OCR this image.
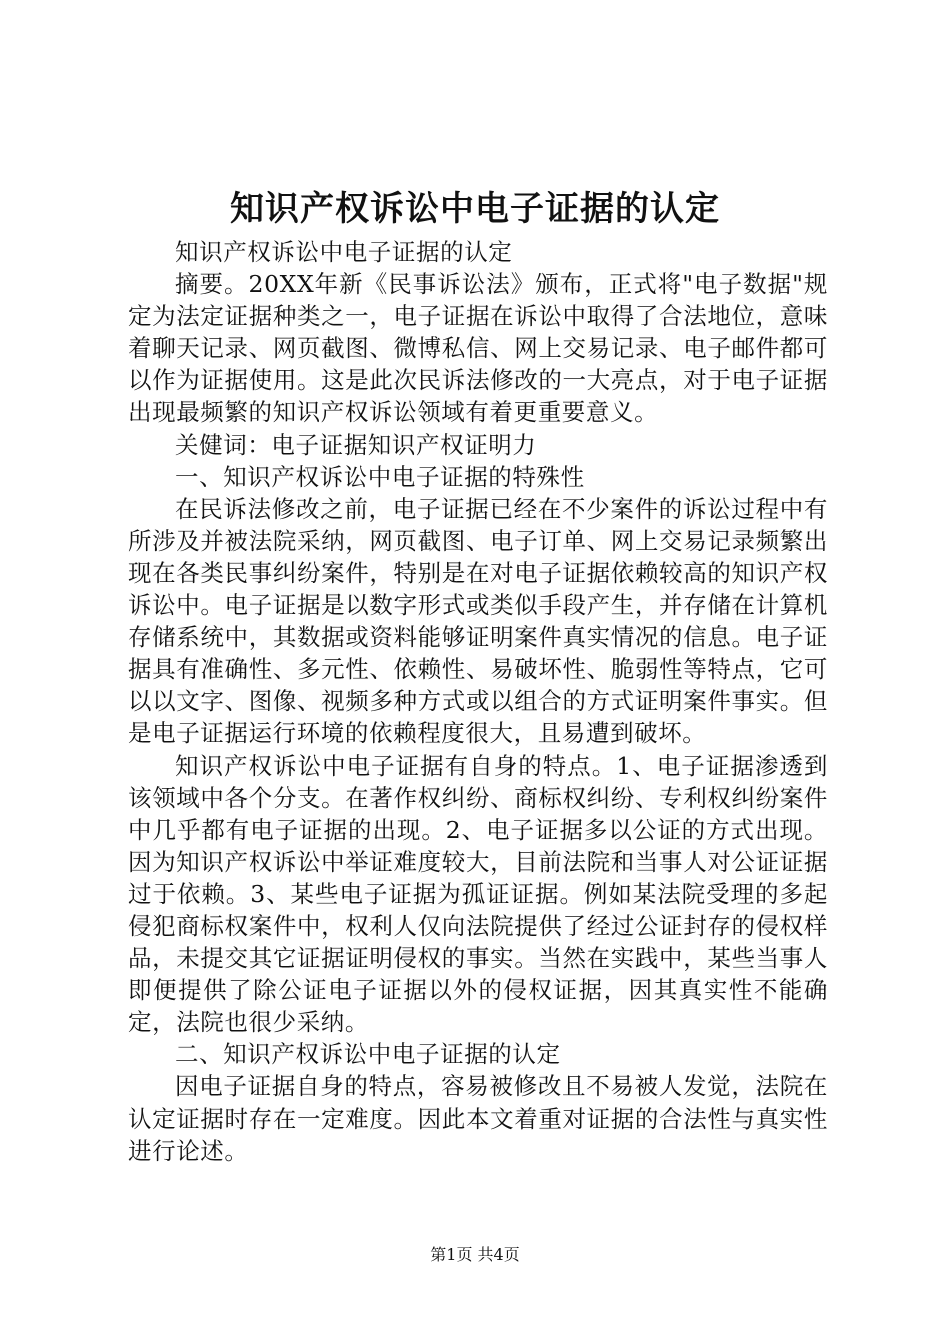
知识产权诉讼中电子证据的认定

知识产权诉讼中电子证据的认定

摘要。20XX年新《民事诉讼法》颁布，正式将"电子数据"规定为法定证据种类之一，电子证据在诉讼中取得了合法地位，意味着聊天记录、网页截图、微博私信、网上交易记录、电子邮件都可以作为证据使用。这是此次民诉法修改的一大亮点，对于电子证据出现最频繁的知识产权诉讼领域有着更重要意义。

关健词：电子证据知识产权证明力

一、知识产权诉讼中电子证据的特殊性

在民诉法修改之前，电子证据已经在不少案件的诉讼过程中有所涉及并被法院采纳，网页截图、电子订单、网上交易记录频繁出现在各类民事纠纷案件，特别是在对电子证据依赖较高的知识产权诉讼中。电子证据是以数字形式或类似手段产生，并存储在计算机存储系统中，其数据或资料能够证明案件真实情况的信息。电子证据具有准确性、多元性、依赖性、易破坏性、脆弱性等特点，它可以以文字、图像、视频多种方式或以组合的方式证明案件事实。但是电子证据运行环境的依赖程度很大，且易遭到破坏。

知识产权诉讼中电子证据有自身的特点。1、电子证据渗透到该领域中各个分支。在著作权纠纷、商标权纠纷、专利权纠纷案件中几乎都有电子证据的出现。2、电子证据多以公证的方式出现。因为知识产权诉讼中举证难度较大，目前法院和当事人对公证证据过于依赖。3、某些电子证据为孤证证据。例如某法院受理的多起侵犯商标权案件中，权利人仅向法院提供了经过公证封存的侵权样品，未提交其它证据证明侵权的事实。当然在实践中，某些当事人即便提供了除公证电子证据以外的侵权证据，因其真实性不能确定，法院也很少采纳。

二、知识产权诉讼中电子证据的认定

因电子证据自身的特点，容易被修改且不易被人发觉，法院在认定证据时存在一定难度。因此本文着重对证据的合法性与真实性进行论述。

第1页 共4页
